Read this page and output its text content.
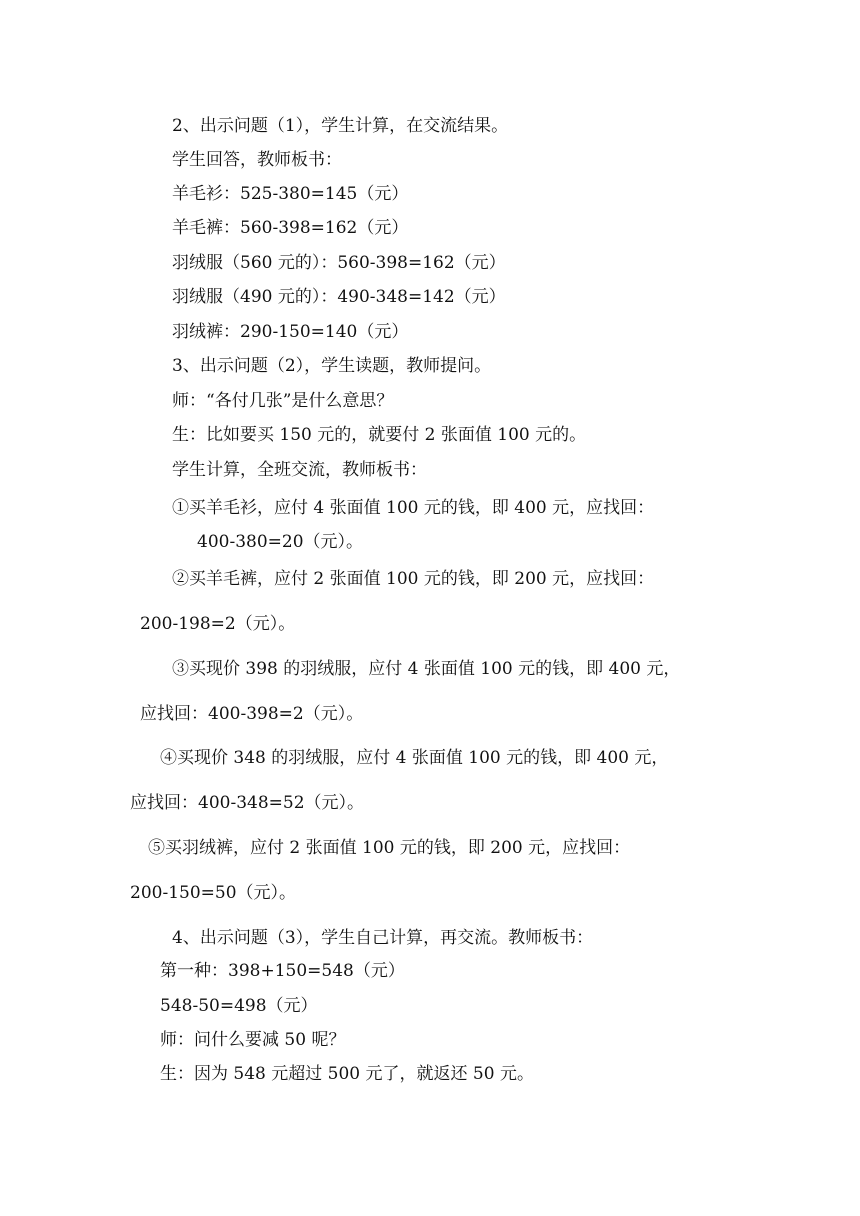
2、出示问题（1），学生计算，在交流结果。
学生回答，教师板书：
羊毛衫：525-380=145（元）
羊毛裤：560-398=162（元）
羽绒服（560 元的）：560-398=162（元）
羽绒服（490 元的）：490-348=142（元）
羽绒裤：290-150=140（元）
3、出示问题（2），学生读题，教师提问。
师：“各付几张”是什么意思？
生：比如要买 150 元的，就要付 2 张面值 100 元的。
学生计算，全班交流，教师板书：
①买羊毛衫，应付 4 张面值 100 元的钱，即 400 元，应找回：
400-380=20（元）。
②买羊毛裤，应付 2 张面值 100 元的钱，即 200 元，应找回：
200-198=2（元）。
③买现价 398 的羽绒服，应付 4 张面值 100 元的钱，即 400 元，
应找回：400-398=2（元）。
④买现价 348 的羽绒服，应付 4 张面值 100 元的钱，即 400 元，
应找回：400-348=52（元）。
⑤买羽绒裤，应付 2 张面值 100 元的钱，即 200 元，应找回：
200-150=50（元）。
4、出示问题（3），学生自己计算，再交流。教师板书：
第一种：398+150=548（元）
548-50=498（元）
师：问什么要减 50 呢？
生：因为 548 元超过 500 元了，就返还 50 元。
